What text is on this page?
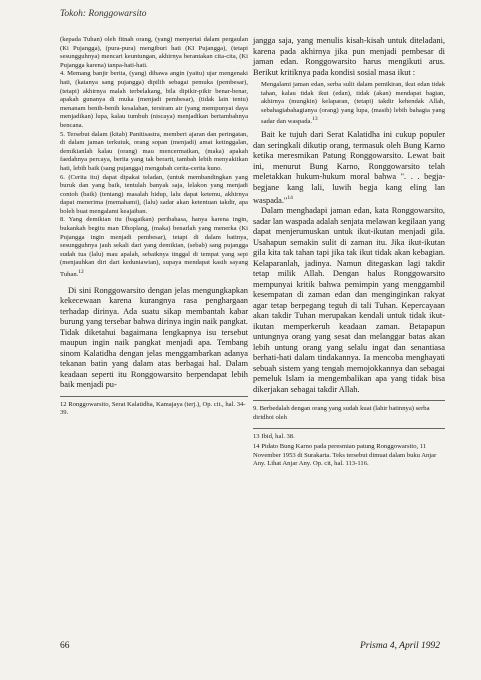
Tokoh: Ronggowarsito

(kepada Tuhan) oleh fitnah orang, (yang) menyertai dalam pergaulan (Ki Pujangga), (pura-pura) mengiburi hati (KI Pujangga), (tetapi sesungguhnya) mencari keuntungan, akhirnya berantakan cita-cita, (Ki Pujangga karena) tanpa-hati-hati.

4. Memang banjir berita, (yang) dibawa angin (yaitu) ujar mengenaki hati, (katanya sang pujangga) dipilih sebagai pemuka (pembesar), (tetapi) akhirnya malah terbelakang, bila dipikir-pikir benar-benar, apakah gunanya di muka (menjadi pembesar), (tidak lain tentu) menanam benih-benih kesalahan, tersiram air (yang mempunyai daya menjadikan) lupa, kalau tumbuh (niscaya) menjadikan bertambahnya bencana.

5. Tersebut dalam (kitab) Panitisastra, memberi ajaran dan peringatan, di dalam jaman terkutuk, orang sopan (menjadi) amat ketinggalan, demikianlah kalau (orang) mau mencermatkan, (maka) apakah faedahnya percaya, berita yang tak berarti, tambah lebih menyakitkan hati, lebih baik (sang pujangga) mengubah cerita-cerita kuno.

6. (Cerita itu) dapat dipakai teladan, (untuk membandingkan yang buruk dan yang baik, tentulah banyak saja, lelakon yang menjadi contoh (baik) (tentang) masalah hidup, lalu dapat ketemu, akhirnya dapat menerima (memahami), (lalu) sadar akan ketentuan takdir, apa boleh buat mengalami keajaiban.

8. Yang demikian itu (bagaikan) peribahasa, hanya karena ingin, bukankah begitu man Dhoplang, (maka) benarlah yang menerka (Ki Pujangga ingin menjadi pembesar), tetapi di dalam batinya, sesungguhnya jauh sekali dari yang demikian, (sebab) sang pujangga sudah tua (lalu) mau apalah, sebaiknya tinggal di tempat yang sepi (menjauhkan diri dari keduniawian), supaya mendapat kasih sayang Tuhan.$^{12}$

Di sini Ronggowarsito dengan jelas mengungkapkan kekecewaan karena kurangnya rasa penghargaan terhadap dirinya. Ada suatu sikap membantah kabar burung yang tersebar bahwa dirinya ingin naik pangkat. Tidak diketahui bagaimana lengkapnya isu tersebut maupun ingin naik pangkat menjadi apa. Tembang sinom Kalatidha dengan jelas menggambarkan adanya tekanan batin yang dalam atas berbagai hal. Dalam keadaan seperti itu Ronggowarsito berpendapat lebih baik menjadi pu-

12 Ronggowarsito, Serat Kalatidha, Kamajaya (terj.), Op. cit., hal. 34-39.

jangga saja, yang menulis kisah-kisah untuk diteladani, karena pada akhirnya jika pun menjadi pembesar di jaman edan. Ronggowarsito harus mengikuti arus. Berikut kritiknya pada kondisi sosial masa ikut :

Mengalami jaman edan, serba sulit dalam pemikiran, ikut edan tidak tahan, kalau tidak ikut (edan), tidak (akan) mendapat bagian, akhirnya (mungkin) kelaparan, (tetapi) takdir kehendak Allah, sebahagiabahagianya (orang) yang lupa, (masih) lebih bahagia yang sadar dan waspada.$^{13}$

Bait ke tujuh dari Serat Kalatidha ini cukup populer dan seringkali dikutip orang, termasuk oleh Bung Karno ketika meresmikan Patung Ronggowarsito. Lewat bait ini, menurut Bung Karno, Ronggowarsito telah meletakkan hukum-hukum moral bahwa ". . . begja-begjane kang lali, luwih begja kang eling lan waspada."$^{14}$

Dalam menghadapi jaman edan, kata Ronggowarsito, sadar lan waspada adalah senjata melawan kegilaan yang dapat menjerumuskan untuk ikut-ikutan menjadi gila. Usahapun semakin sulit di zaman itu. Jika ikut-ikutan gila kita tak tahan tapi jika tak ikut tidak akan kebagian. Kelaparanlah, jadinya. Namun ditegaskan lagi takdir tetap milik Allah. Dengan halus Ronggowarsito mempunyai kritik bahwa pemimpin yang menggambil kesempatan di zaman edan dan menginginkan rakyat agar tetap berpegang teguh di tali Tuhan. Kepercayaan akan takdir Tuhan merupakan kendali untuk tidak ikut-ikutan memperkeruh keadaan zaman. Betapapun untungnya orang yang sesat dan melanggar batas akan lebih untung orang yang selalu ingat dan senantiasa berhati-hati dalam tindakannya. Ia mencoba menghayati sebuah sistem yang tengah memojokkannya dan sebagai pemeluk Islam ia mengembalikan apa yang tidak bisa dikerjakan sebagai takdir Allah.

9. Berbedalah dengan orang yang sudah kuat (lahir batinnya) serba diridhoi oleh

13 Ibid, hal. 38.

14 Pidato Bung Karno pada peresmian patung Ronggowarsito, 11 November 1953 di Surakarta. Teks tersebut dimuat dalam buku Anjar Any. Lihat Anjar Any. Op. cit, hal. 113-116.

66	Prisma 4, April 1992
